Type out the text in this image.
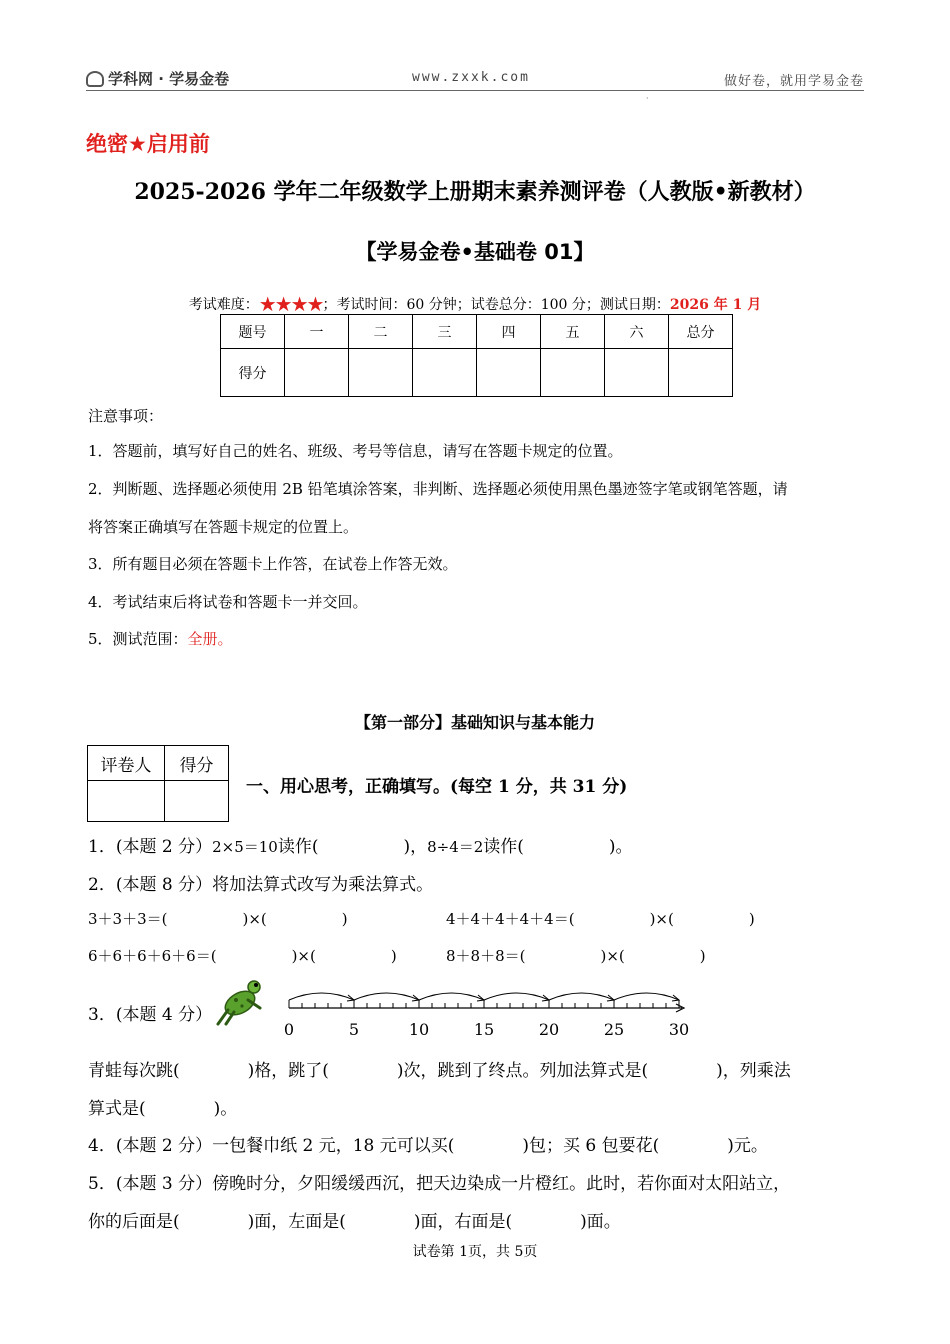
学科网 · 学易金卷	www.zxxk.com	做好卷，就用学易金卷
·
绝密★启用前
2025-2026 学年二年级数学上册期末素养测评卷（人教版•新教材）
【学易金卷•基础卷 01】
考试难度：★★★★；考试时间：60 分钟；试卷总分：100 分；测试日期：2026 年 1 月
题号	一	二	三	四	五	六	总分
得分							
注意事项：
1．答题前，填写好自己的姓名、班级、考号等信息，请写在答题卡规定的位置。
2．判断题、选择题必须使用 2B 铅笔填涂答案，非判断、选择题必须使用黑色墨迹签字笔或钢笔答题，请
将答案正确填写在答题卡规定的位置上。
3．所有题目必须在答题卡上作答，在试卷上作答无效。
4．考试结束后将试卷和答题卡一并交回。
5．测试范围：全册。
【第一部分】基础知识与基本能力
评卷人	得分

一、用心思考，正确填写。(每空 1 分，共 31 分)
1．(本题 2 分）2×5＝10读作(　　　　　)，8÷4＝2读作(　　　　　)。
2．(本题 8 分）将加法算式改写为乘法算式。
3＋3＋3＝(　　　　　)×(　　　　　)	4＋4＋4＋4＋4＝(　　　　　)×(　　　　　)
6＋6＋6＋6＋6＝(　　　　　)×(　　　　　)	8＋8＋8＝(　　　　　)×(　　　　　)
3．(本题 4 分）
0	5	10	15	20	25	30
青蛙每次跳(　　　　)格，跳了(　　　　)次，跳到了终点。列加法算式是(　　　　)，列乘法
算式是(　　　　)。
4．(本题 2 分）一包餐巾纸 2 元，18 元可以买(　　　　)包；买 6 包要花(　　　　)元。
5．(本题 3 分）傍晚时分，夕阳缓缓西沉，把天边染成一片橙红。此时，若你面对太阳站立，
你的后面是(　　　　)面，左面是(　　　　)面，右面是(　　　　)面。
试卷第 1页，共 5页
